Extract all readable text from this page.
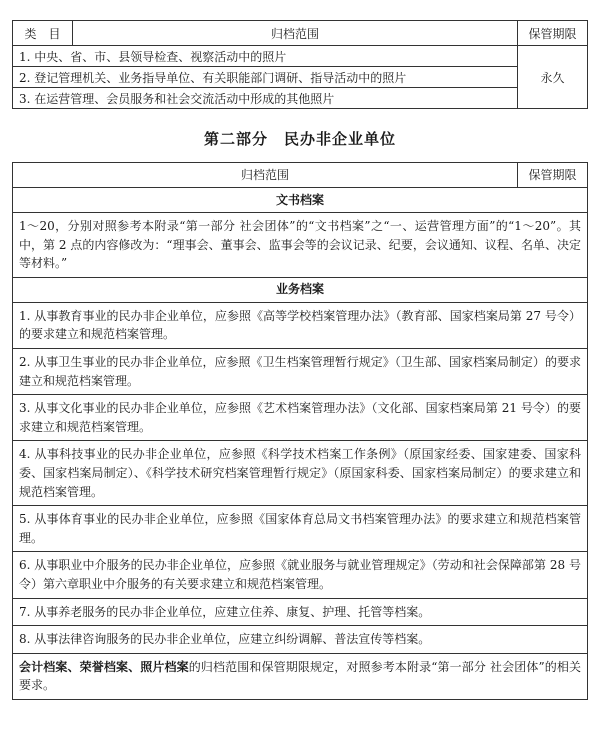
类　目	归档范围	保管期限
1. 中央、省、市、县领导检查、视察活动中的照片		永久
2. 登记管理机关、业务指导单位、有关职能部门调研、指导活动中的照片		
3. 在运营管理、会员服务和社会交流活动中形成的其他照片		
第二部分　民办非企业单位
归档范围	保管期限
文书档案
1～20，分别对照参考本附录“第一部分 社会团体”的“文书档案”之“一、运营管理方面”的“1～20”。其中，第 2 点的内容修改为：“理事会、董事会、监事会等的会议记录、纪要，会议通知、议程、名单、决定等材料。”
业务档案
1. 从事教育事业的民办非企业单位，应参照《高等学校档案管理办法》（教育部、国家档案局第 27 号令）的要求建立和规范档案管理。
2. 从事卫生事业的民办非企业单位，应参照《卫生档案管理暂行规定》（卫生部、国家档案局制定）的要求建立和规范档案管理。
3. 从事文化事业的民办非企业单位，应参照《艺术档案管理办法》（文化部、国家档案局第 21 号令）的要求建立和规范档案管理。
4. 从事科技事业的民办非企业单位，应参照《科学技术档案工作条例》（原国家经委、国家建委、国家科委、国家档案局制定）、《科学技术研究档案管理暂行规定》（原国家科委、国家档案局制定）的要求建立和规范档案管理。
5. 从事体育事业的民办非企业单位，应参照《国家体育总局文书档案管理办法》的要求建立和规范档案管理。
6. 从事职业中介服务的民办非企业单位，应参照《就业服务与就业管理规定》（劳动和社会保障部第 28 号令）第六章职业中介服务的有关要求建立和规范档案管理。
7. 从事养老服务的民办非企业单位，应建立住养、康复、护理、托管等档案。
8. 从事法律咨询服务的民办非企业单位，应建立纠纷调解、普法宣传等档案。
会计档案、荣誉档案、照片档案的归档范围和保管期限规定，对照参考本附录“第一部分 社会团体”的相关要求。
